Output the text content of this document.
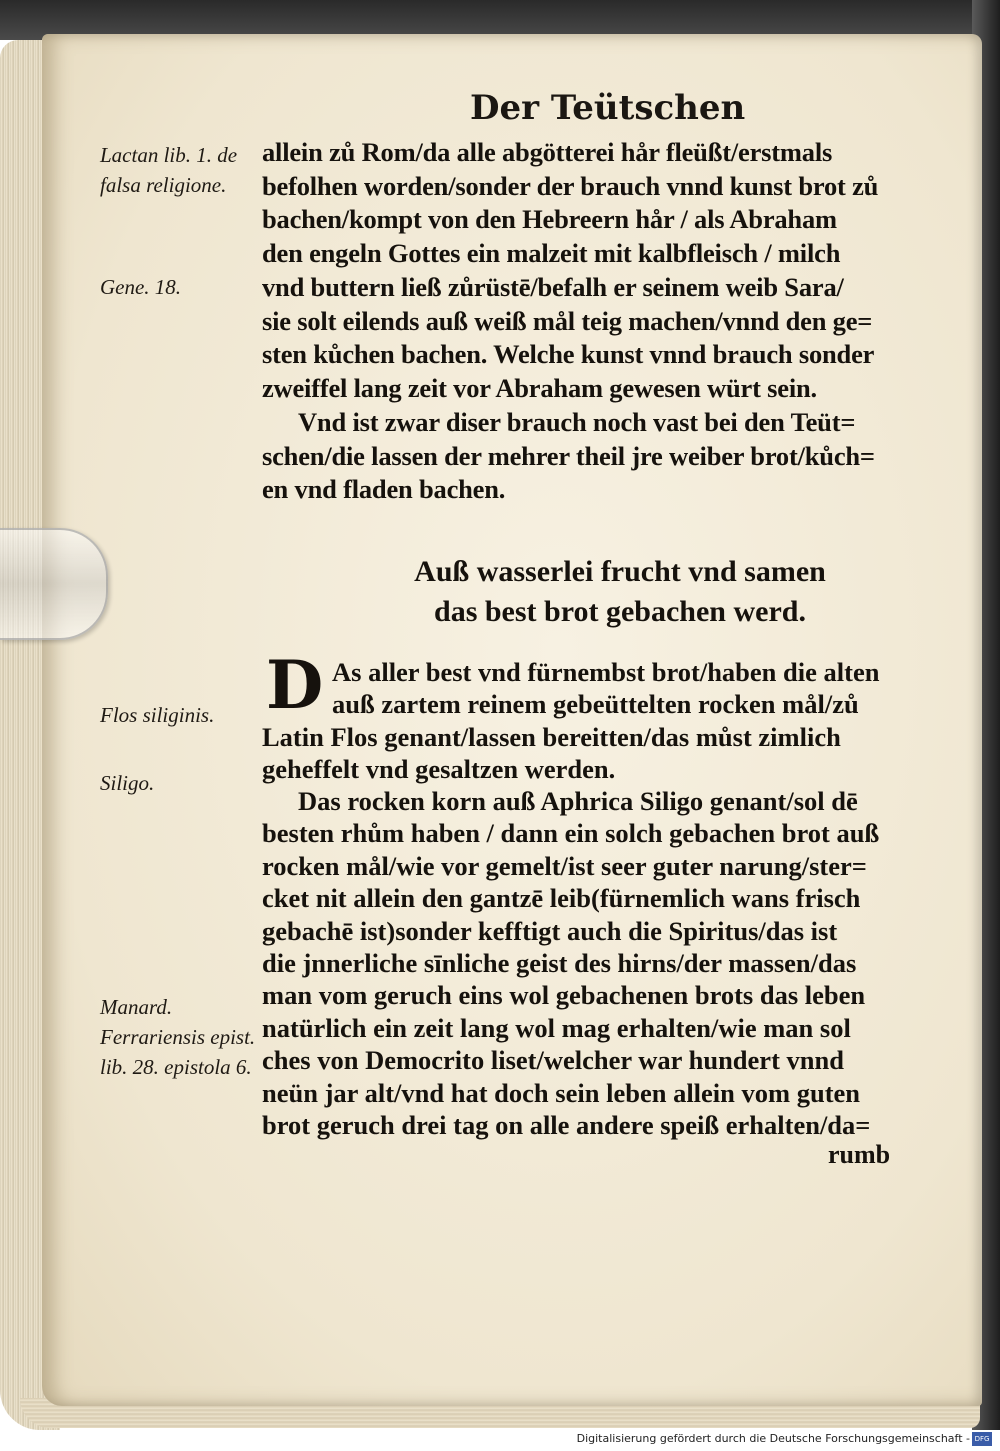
Der Teütschen
Lactan lib. 1. de falsa religione.
Gene. 18.
Flos siliginis.
Siligo.
Manard. Ferrariensis epist. lib. 28. epistola 6.
allein zů Rom/da alle abgötterei hår fleüßt/erstmals
befolhen worden/sonder der brauch vnnd kunst brot zů
bachen/kompt von den Hebreern hår / als Abraham
den engeln Gottes ein malzeit mit kalbfleisch / milch
vnd buttern ließ zůrüstē/befalh er seinem weib Sara/
sie solt eilends auß weiß mål teig machen/vnnd den ge=
sten kůchen bachen. Welche kunst vnnd brauch sonder
zweiffel lang zeit vor Abraham gewesen würt sein.
Vnd ist zwar diser brauch noch vast bei den Teüt=
schen/die lassen der mehrer theil jre weiber brot/kůch=
en vnd fladen bachen.
Auß wasserlei frucht vnd samen
das best brot gebachen werd.
D As aller best vnd fürnembst brot/haben die alten
auß zartem reinem gebeüttelten rocken mål/zů
Latin Flos genant/lassen bereitten/das můst zimlich
geheffelt vnd gesaltzen werden.
Das rocken korn auß Aphrica Siligo genant/sol dē
besten rhům haben / dann ein solch gebachen brot auß
rocken mål/wie vor gemelt/ist seer guter narung/ster=
cket nit allein den gantzē leib(fürnemlich wans frisch
gebachē ist)sonder kefftigt auch die Spiritus/das ist
die jnnerliche sīnliche geist des hirns/der massen/das
man vom geruch eins wol gebachenen brots das leben
natürlich ein zeit lang wol mag erhalten/wie man sol
ches von Democrito liset/welcher war hundert vnnd
neün jar alt/vnd hat doch sein leben allein vom guten
brot geruch drei tag on alle andere speiß erhalten/da=
rumb
Digitalisierung gefördert durch die Deutsche Forschungsgemeinschaft - DFG
